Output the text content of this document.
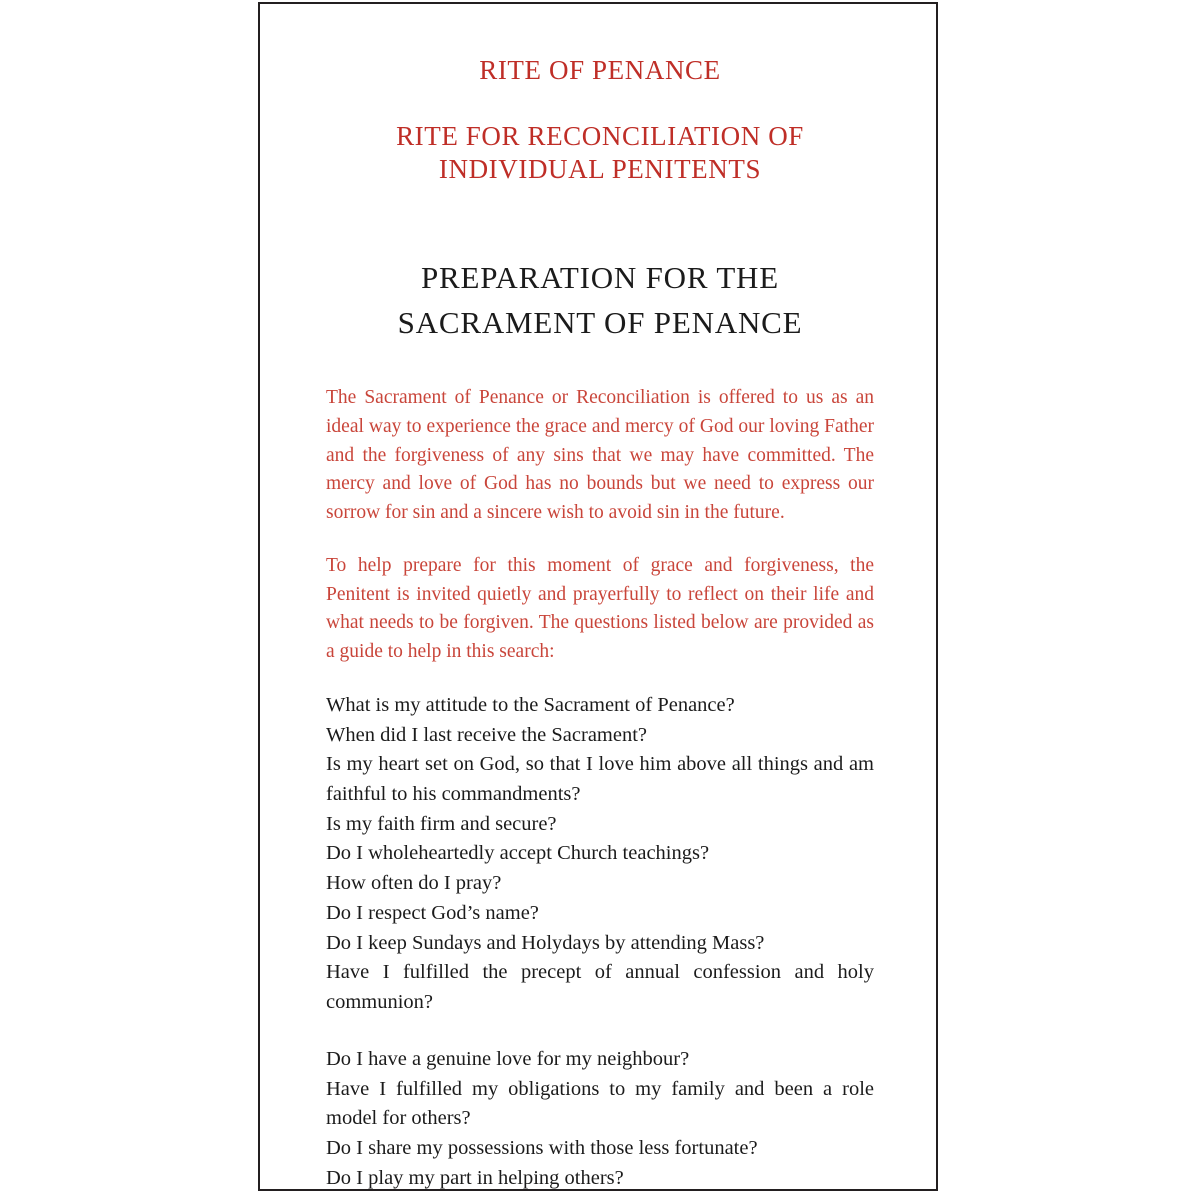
RITE OF PENANCE
RITE FOR RECONCILIATION OF
INDIVIDUAL PENITENTS
PREPARATION FOR THE
SACRAMENT OF PENANCE

The Sacrament of Penance or Reconciliation is offered to us as an ideal way to experience the grace and mercy of God our loving Father and the forgiveness of any sins that we may have committed. The mercy and love of God has no bounds but we need to express our sorrow for sin and a sincere wish to avoid sin in the future.

To help prepare for this moment of grace and forgiveness, the Penitent is invited quietly and prayerfully to reflect on their life and what needs to be forgiven. The questions listed below are provided as a guide to help in this search:

What is my attitude to the Sacrament of Penance?

When did I last receive the Sacrament?

Is my heart set on God, so that I love him above all things and am faithful to his commandments?

Is my faith firm and secure?

Do I wholeheartedly accept Church teachings?

How often do I pray?

Do I respect God’s name?

Do I keep Sundays and Holydays by attending Mass?

Have I fulfilled the precept of annual confession and holy communion?

Do I have a genuine love for my neighbour?

Have I fulfilled my obligations to my family and been a role model for others?

Do I share my possessions with those less fortunate?

Do I play my part in helping others?
